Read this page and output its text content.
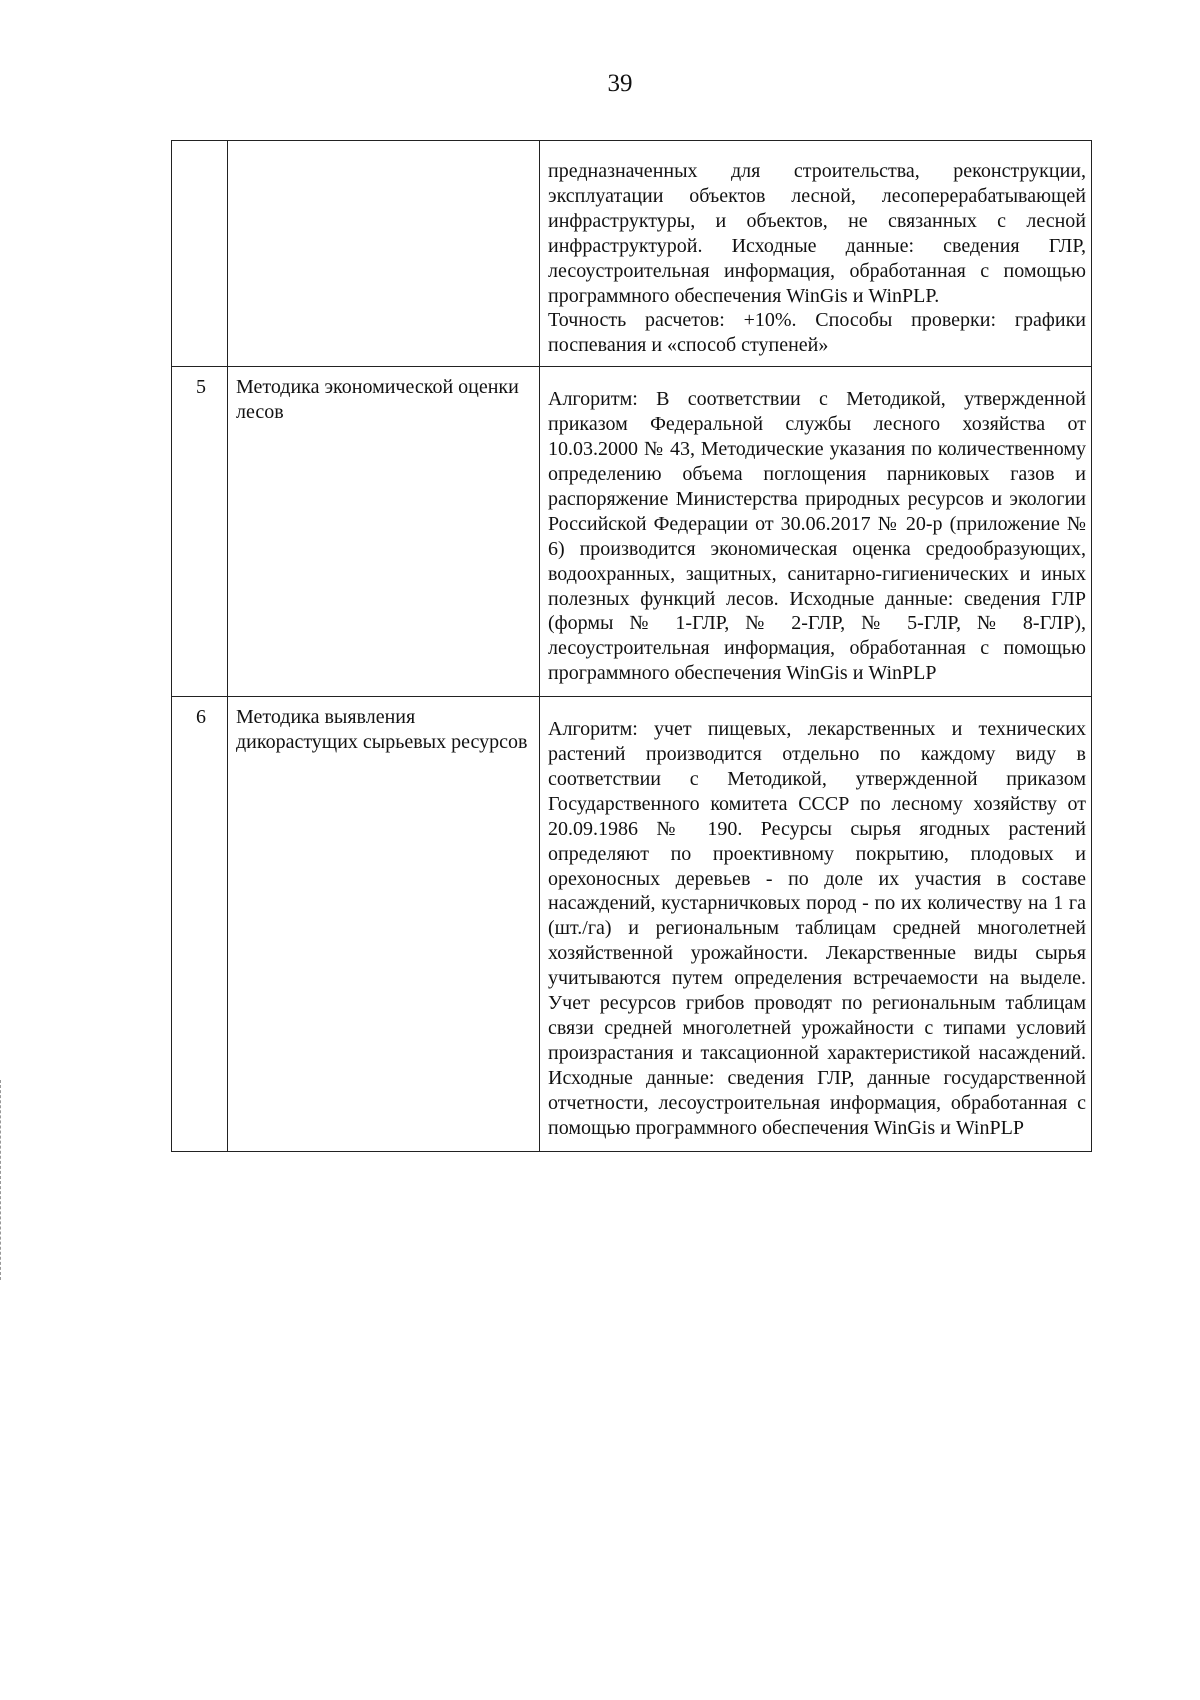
39

		предназначенных для строительства, реконструкции, эксплуатации объектов лесной, лесоперерабатывающей инфраструктуры, и объектов, не связанных с лесной инфраструктурой. Исходные данные: сведения ГЛР, лесоустроительная информация, обработанная с помощью программного обеспечения WinGis и WinPLP.

Точность расчетов: +10%. Способы проверки: графики поспевания и «способ ступеней»

5	Методика экономической оценки лесов	Алгоритм: В соответствии с Методикой, утвержденной приказом Федеральной службы лесного хозяйства от 10.03.2000 № 43, Методические указания по количественному определению объема поглощения парниковых газов и распоряжение Министерства природных ресурсов и экологии Российской Федерации от 30.06.2017 № 20-р (приложение № 6) производится экономическая оценка средообразующих, водоохранных, защитных, санитарно-гигиенических и иных полезных функций лесов. Исходные данные: сведения ГЛР (формы № 1-ГЛР, № 2-ГЛР, № 5-ГЛР, № 8-ГЛР), лесоустроительная информация, обработанная с помощью программного обеспечения WinGis и WinPLP

6	Методика выявления дикорастущих сырьевых ресурсов	Алгоритм: учет пищевых, лекарственных и технических растений производится отдельно по каждому виду в соответствии с Методикой, утвержденной приказом Государственного комитета СССР по лесному хозяйству от 20.09.1986 № 190. Ресурсы сырья ягодных растений определяют по проективному покрытию, плодовых и орехоносных деревьев - по доле их участия в составе насаждений, кустарничковых пород - по их количеству на 1 га (шт./га) и региональным таблицам средней многолетней хозяйственной урожайности. Лекарственные виды сырья учитываются путем определения встречаемости на выделе. Учет ресурсов грибов проводят по региональным таблицам связи средней многолетней урожайности с типами условий произрастания и таксационной характеристикой насаждений. Исходные данные: сведения ГЛР, данные государственной отчетности, лесоустроительная информация, обработанная с помощью программного обеспечения WinGis и WinPLP
